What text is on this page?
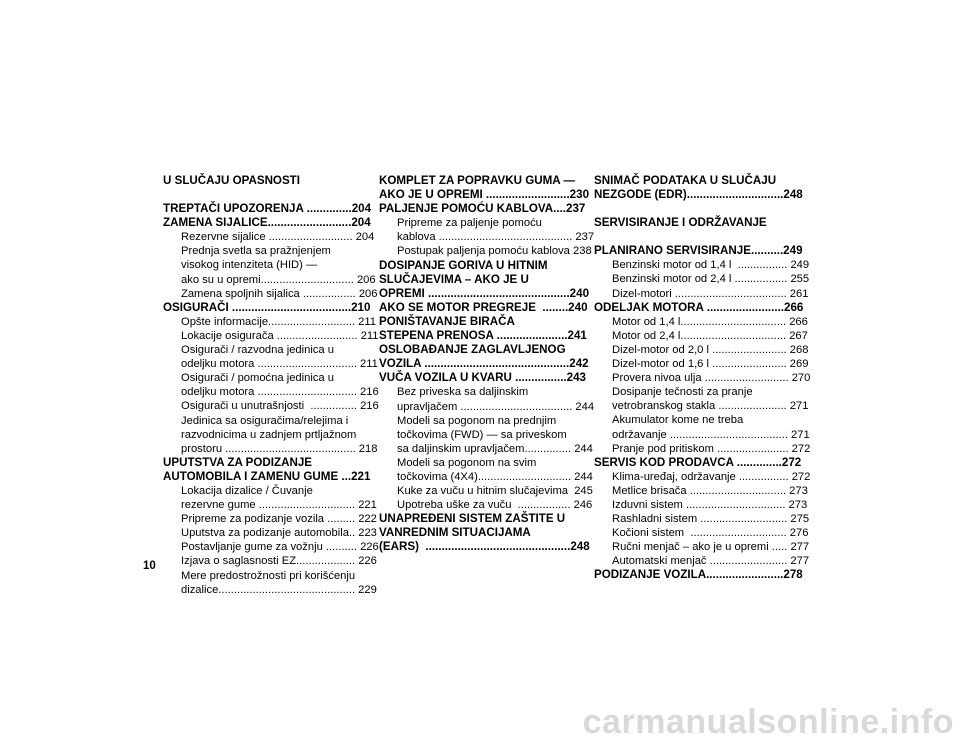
U SLUČAJU OPASNOSTI
TREPTAČI UPOZORENJA ..............204
ZAMENA SIJALICE..........................204
Rezervne sijalice ........................... 204
Prednja svetla sa pražnjenjem
visokog intenziteta (HID) —
ako su u opremi.............................. 206
Zamena spoljnih sijalica ................. 206
OSIGURAČI .....................................210
Opšte informacije............................ 211
Lokacije osigurača .......................... 211
Osigurači / razvodna jedinica u
odeljku motora ................................ 211
Osigurači / pomoćna jedinica u
odeljku motora ................................ 216
Osigurači u unutrašnjosti  ............... 216
Jedinica sa osiguračima/relejima i
razvodnicima u zadnjem prtljažnom
prostoru .......................................... 218
UPUTSTVA ZA PODIZANJE
AUTOMOBILA I ZAMENU GUME ...221
Lokacija dizalice / Čuvanje
rezervne gume ............................... 221
Pripreme za podizanje vozila ......... 222
Uputstva za podizanje automobila.. 223
Postavljanje gume za vožnju .......... 226
Izjava o saglasnosti EZ................... 226
Mere predostrožnosti pri korišćenju
dizalice............................................ 229
KOMPLET ZA POPRAVKU GUMA —
AKO JE U OPREMI ..........................230
PALJENJE POMOĆU KABLOVA....237
Pripreme za paljenje pomoću
kablova ........................................... 237
Postupak paljenja pomoću kablova 238
DOSIPANJE GORIVA U HITNIM
SLUČAJEVIMA – AKO JE U
OPREMI ............................................240
AKO SE MOTOR PREGREJE  ........240
PONIŠTAVANJE BIRAČA
STEPENA PRENOSA ......................241
OSLOBAĐANJE ZAGLAVLJENOG
VOZILA .............................................242
VUČA VOZILA U KVARU ................243
Bez priveska sa daljinskim
upravljačem .................................... 244
Modeli sa pogonom na prednjim
točkovima (FWD) — sa priveskom
sa daljinskim upravljačem............... 244
Modeli sa pogonom na svim
točkovima (4X4).............................. 244
Kuke za vuču u hitnim slučajevima  245
Upotreba uške za vuču  ................. 246
UNAPREĐENI SISTEM ZAŠTITE U
VANREDNIM SITUACIJAMA
(EARS)  .............................................248
SNIMAČ PODATAKA U SLUČAJU
NEZGODE (EDR)..............................248
SERVISIRANJE I ODRŽAVANJE
PLANIRANO SERVISIRANJE..........249
Benzinski motor od 1,4 l  ................ 249
Benzinski motor od 2,4 l ................. 255
Dizel-motori .................................... 261
ODELJAK MOTORA ........................266
Motor od 1,4 l.................................. 266
Motor od 2,4 l.................................. 267
Dizel-motor od 2,0 l ........................ 268
Dizel-motor od 1,6 l ........................ 269
Provera nivoa ulja ........................... 270
Dosipanje tečnosti za pranje
vetrobranskog stakla ...................... 271
Akumulator kome ne treba
održavanje ...................................... 271
Pranje pod pritiskom ....................... 272
SERVIS KOD PRODAVCA ..............272
Klima-uređaj, održavanje ................ 272
Metlice brisača ............................... 273
Izduvni sistem ................................ 273
Rashladni sistem ............................ 275
Kočioni sistem  ............................... 276
Ručni menjač – ako je u opremi ..... 277
Automatski menjač ......................... 277
PODIZANJE VOZILA........................278
10
carmanualsonline.info
